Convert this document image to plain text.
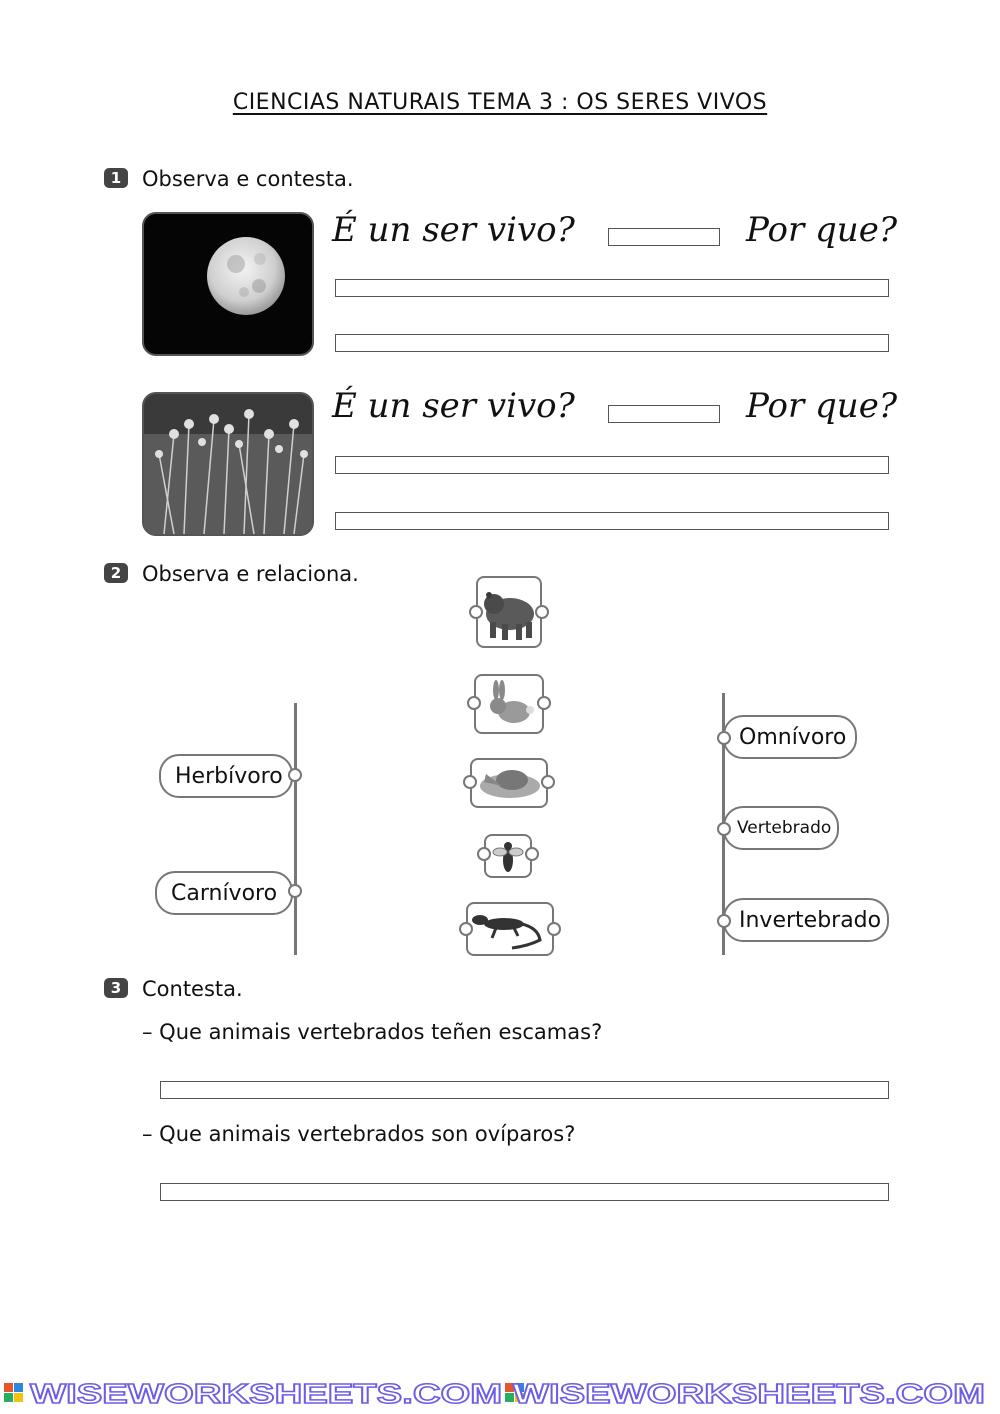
CIENCIAS NATURAIS TEMA 3 : OS SERES VIVOS
1 Observa e contesta.
É un ser vivo?	Por que?
É un ser vivo?	Por que?
2 Observa e relaciona.
Herbívoro
Carnívoro
Omnívoro
Vertebrado
Invertebrado
3 Contesta.
– Que animais vertebrados teñen escamas?
– Que animais vertebrados son ovíparos?
WISEWORKSHEETS.COM WISEWORKSHEETS.COM
